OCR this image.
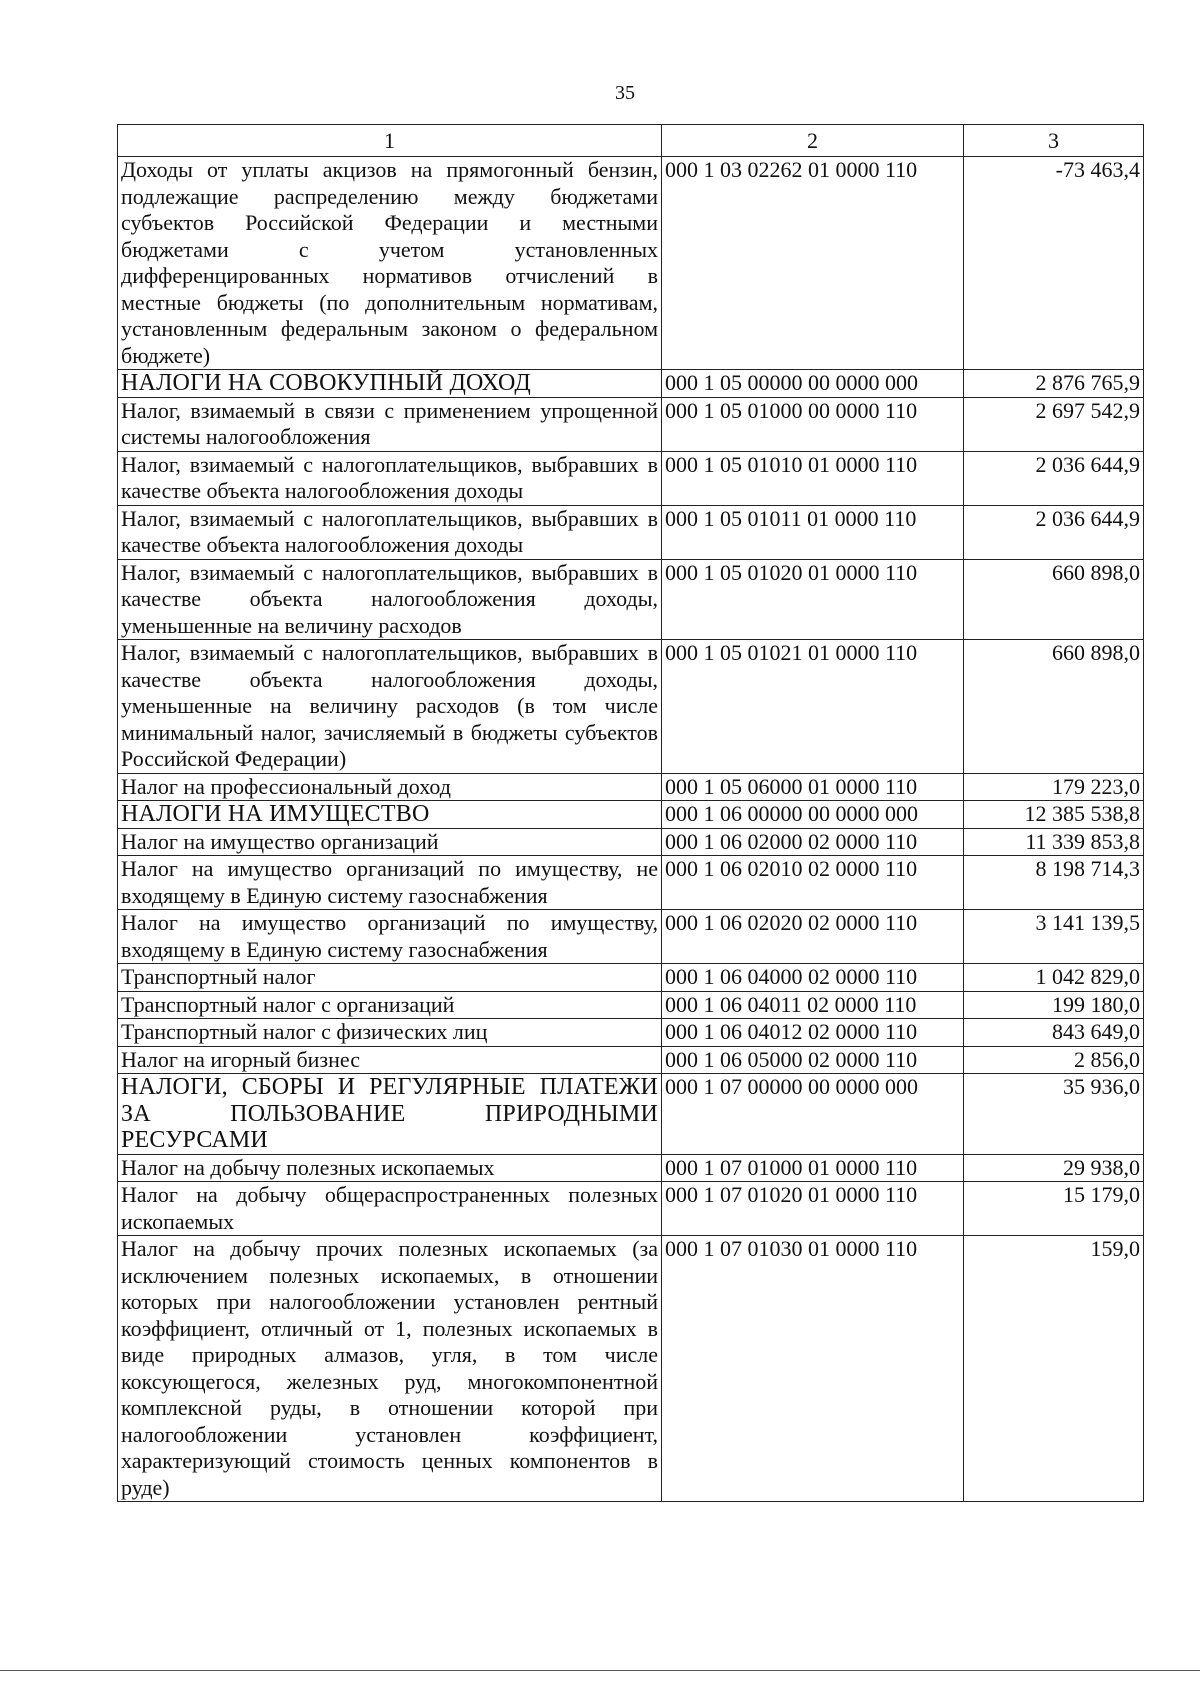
35
1	2	3
Доходы от уплаты акцизов на прямогонный бензин, подлежащие распределению между бюджетами субъектов Российской Федерации и местными бюджетами с учетом установленных дифференцированных нормативов отчислений в местные бюджеты (по дополнительным нормативам, установленным федеральным законом о федеральном бюджете)	000 1 03 02262 01 0000 110	-73 463,4
НАЛОГИ НА СОВОКУПНЫЙ ДОХОД	000 1 05 00000 00 0000 000	2 876 765,9
Налог, взимаемый в связи с применением упрощенной системы налогообложения	000 1 05 01000 00 0000 110	2 697 542,9
Налог, взимаемый с налогоплательщиков, выбравших в качестве объекта налогообложения доходы	000 1 05 01010 01 0000 110	2 036 644,9
Налог, взимаемый с налогоплательщиков, выбравших в качестве объекта налогообложения доходы	000 1 05 01011 01 0000 110	2 036 644,9
Налог, взимаемый с налогоплательщиков, выбравших в качестве объекта налогообложения доходы, уменьшенные на величину расходов	000 1 05 01020 01 0000 110	660 898,0
Налог, взимаемый с налогоплательщиков, выбравших в качестве объекта налогообложения доходы, уменьшенные на величину расходов (в том числе минимальный налог, зачисляемый в бюджеты субъектов Российской Федерации)	000 1 05 01021 01 0000 110	660 898,0
Налог на профессиональный доход	000 1 05 06000 01 0000 110	179 223,0
НАЛОГИ НА ИМУЩЕСТВО	000 1 06 00000 00 0000 000	12 385 538,8
Налог на имущество организаций	000 1 06 02000 02 0000 110	11 339 853,8
Налог на имущество организаций по имуществу, не входящему в Единую систему газоснабжения	000 1 06 02010 02 0000 110	8 198 714,3
Налог на имущество организаций по имуществу, входящему в Единую систему газоснабжения	000 1 06 02020 02 0000 110	3 141 139,5
Транспортный налог	000 1 06 04000 02 0000 110	1 042 829,0
Транспортный налог с организаций	000 1 06 04011 02 0000 110	199 180,0
Транспортный налог с физических лиц	000 1 06 04012 02 0000 110	843 649,0
Налог на игорный бизнес	000 1 06 05000 02 0000 110	2 856,0
НАЛОГИ, СБОРЫ И РЕГУЛЯРНЫЕ ПЛАТЕЖИ ЗА ПОЛЬЗОВАНИЕ ПРИРОДНЫМИ РЕСУРСАМИ	000 1 07 00000 00 0000 000	35 936,0
Налог на добычу полезных ископаемых	000 1 07 01000 01 0000 110	29 938,0
Налог на добычу общераспространенных полезных ископаемых	000 1 07 01020 01 0000 110	15 179,0
Налог на добычу прочих полезных ископаемых (за исключением полезных ископаемых, в отношении которых при налогообложении установлен рентный коэффициент, отличный от 1, полезных ископаемых в виде природных алмазов, угля, в том числе коксующегося, железных руд, многокомпонентной комплексной руды, в отношении которой при налогообложении установлен коэффициент, характеризующий стоимость ценных компонентов в руде)	000 1 07 01030 01 0000 110	159,0
